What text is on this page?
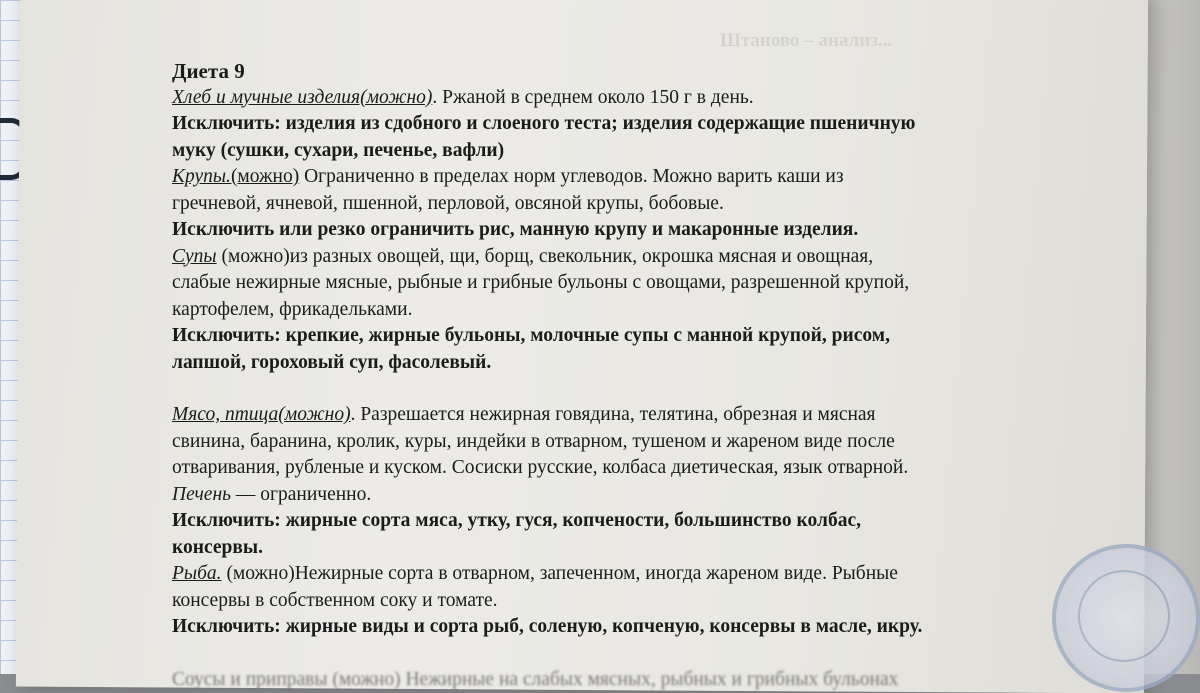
Штаново – анализ...

Диета 9

Хлеб и мучные изделия(можно). Ржаной в среднем около 150 г в день.

Исключить: изделия из сдобного и слоеного теста; изделия содержащие пшеничную

муку (сушки, сухари, печенье, вафли)

Крупы.(можно) Ограниченно в пределах норм углеводов. Можно варить каши из

гречневой, ячневой, пшенной, перловой, овсяной крупы, бобовые.

Исключить или резко ограничить рис, манную крупу и макаронные изделия.

Супы (можно)из разных овощей, щи, борщ, свекольник, окрошка мясная и овощная,

слабые нежирные мясные, рыбные и грибные бульоны с овощами, разрешенной крупой,

картофелем, фрикадельками.

Исключить: крепкие, жирные бульоны, молочные супы с манной крупой, рисом,

лапшой, гороховый суп, фасолевый.

Мясо, птица(можно). Разрешается нежирная говядина, телятина, обрезная и мясная

свинина, баранина, кролик, куры, индейки в отварном, тушеном и жареном виде после

отваривания, рубленые и куском. Сосиски русские, колбаса диетическая, язык отварной.

Печень — ограниченно.

Исключить: жирные сорта мяса, утку, гуся, копчености, большинство колбас,

консервы.

Рыба. (можно)Нежирные сорта в отварном, запеченном, иногда жареном виде. Рыбные

консервы в собственном соку и томате.

Исключить: жирные виды и сорта рыб, соленую, копченую, консервы в масле, икру.

Соусы и приправы (можно) Нежирные на слабых мясных, рыбных и грибных бульонах
